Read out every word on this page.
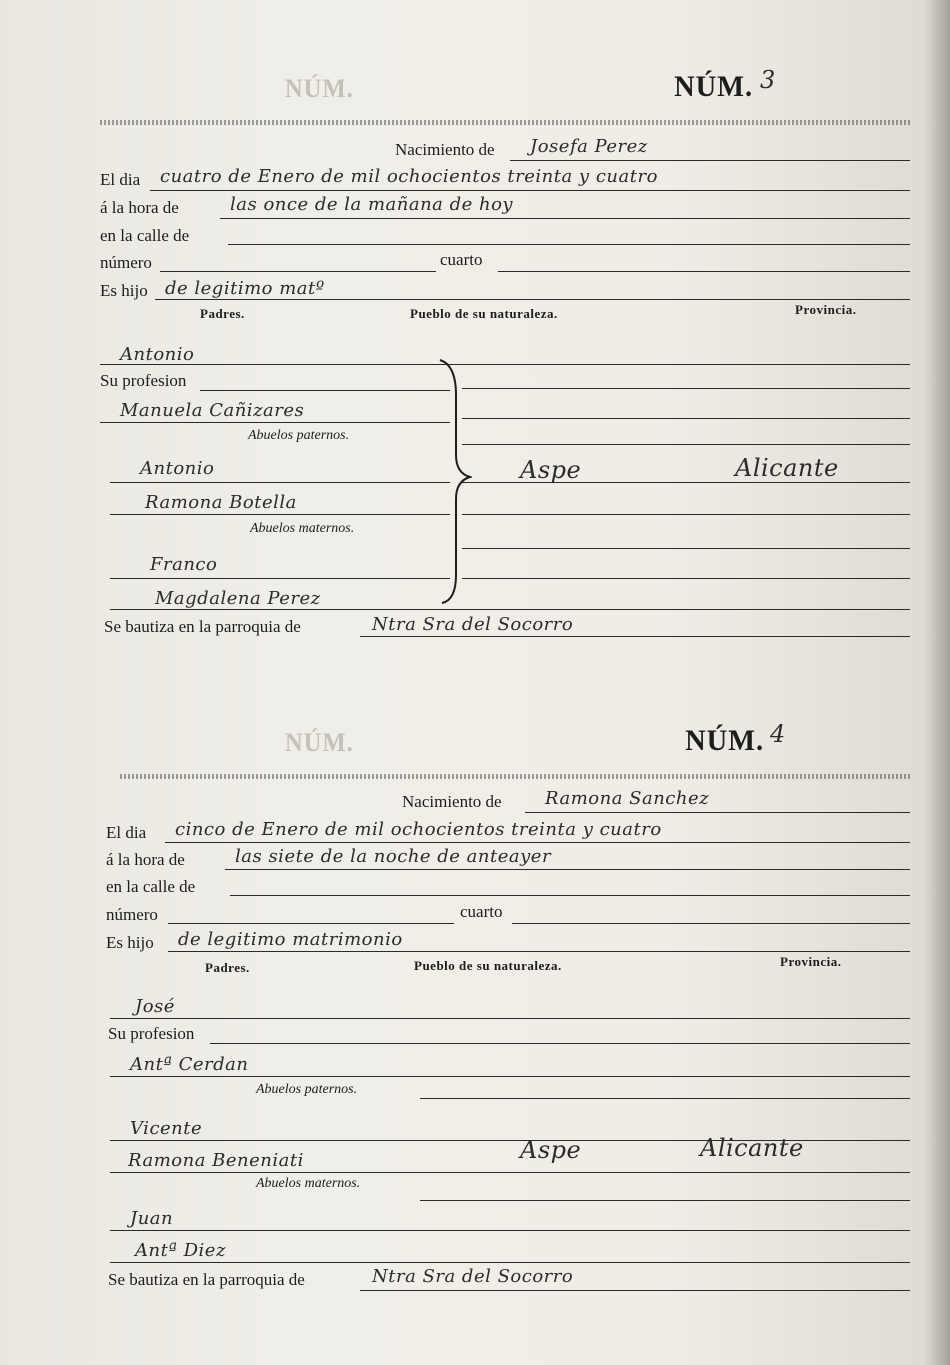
NÚM.
NÚM.
NÚM. 3
Nacimiento de Josefa Perez
El dia cuatro de Enero de mil ochocientos treinta y cuatro
á la hora de	las once de la mañana de hoy
en la calle de
número	cuarto
Es hijo de legitimo matº
Padres.	Pueblo de su naturaleza.	Provincia.
Antonio
Su profesion
Manuela Cañizares
Abuelos paternos.
Antonio	Aspe	Alicante
Ramona Botella
Abuelos maternos.
Franco
Magdalena Perez
Se bautiza en la parroquia de	Ntra Sra del Socorro
NÚM. 4
Nacimiento de Ramona Sanchez
El dia cinco de Enero de mil ochocientos treinta y cuatro
á la hora de	las siete de la noche de anteayer
en la calle de
número	cuarto
Es hijo de legitimo matrimonio
Padres.	Pueblo de su naturaleza.	Provincia.
José
Su profesion
Antª Cerdan
Abuelos paternos.
Vicente
Ramona Beneniati	Aspe	Alicante
Abuelos maternos.
Juan
Antª Diez
Se bautiza en la parroquia de	Ntra Sra del Socorro
